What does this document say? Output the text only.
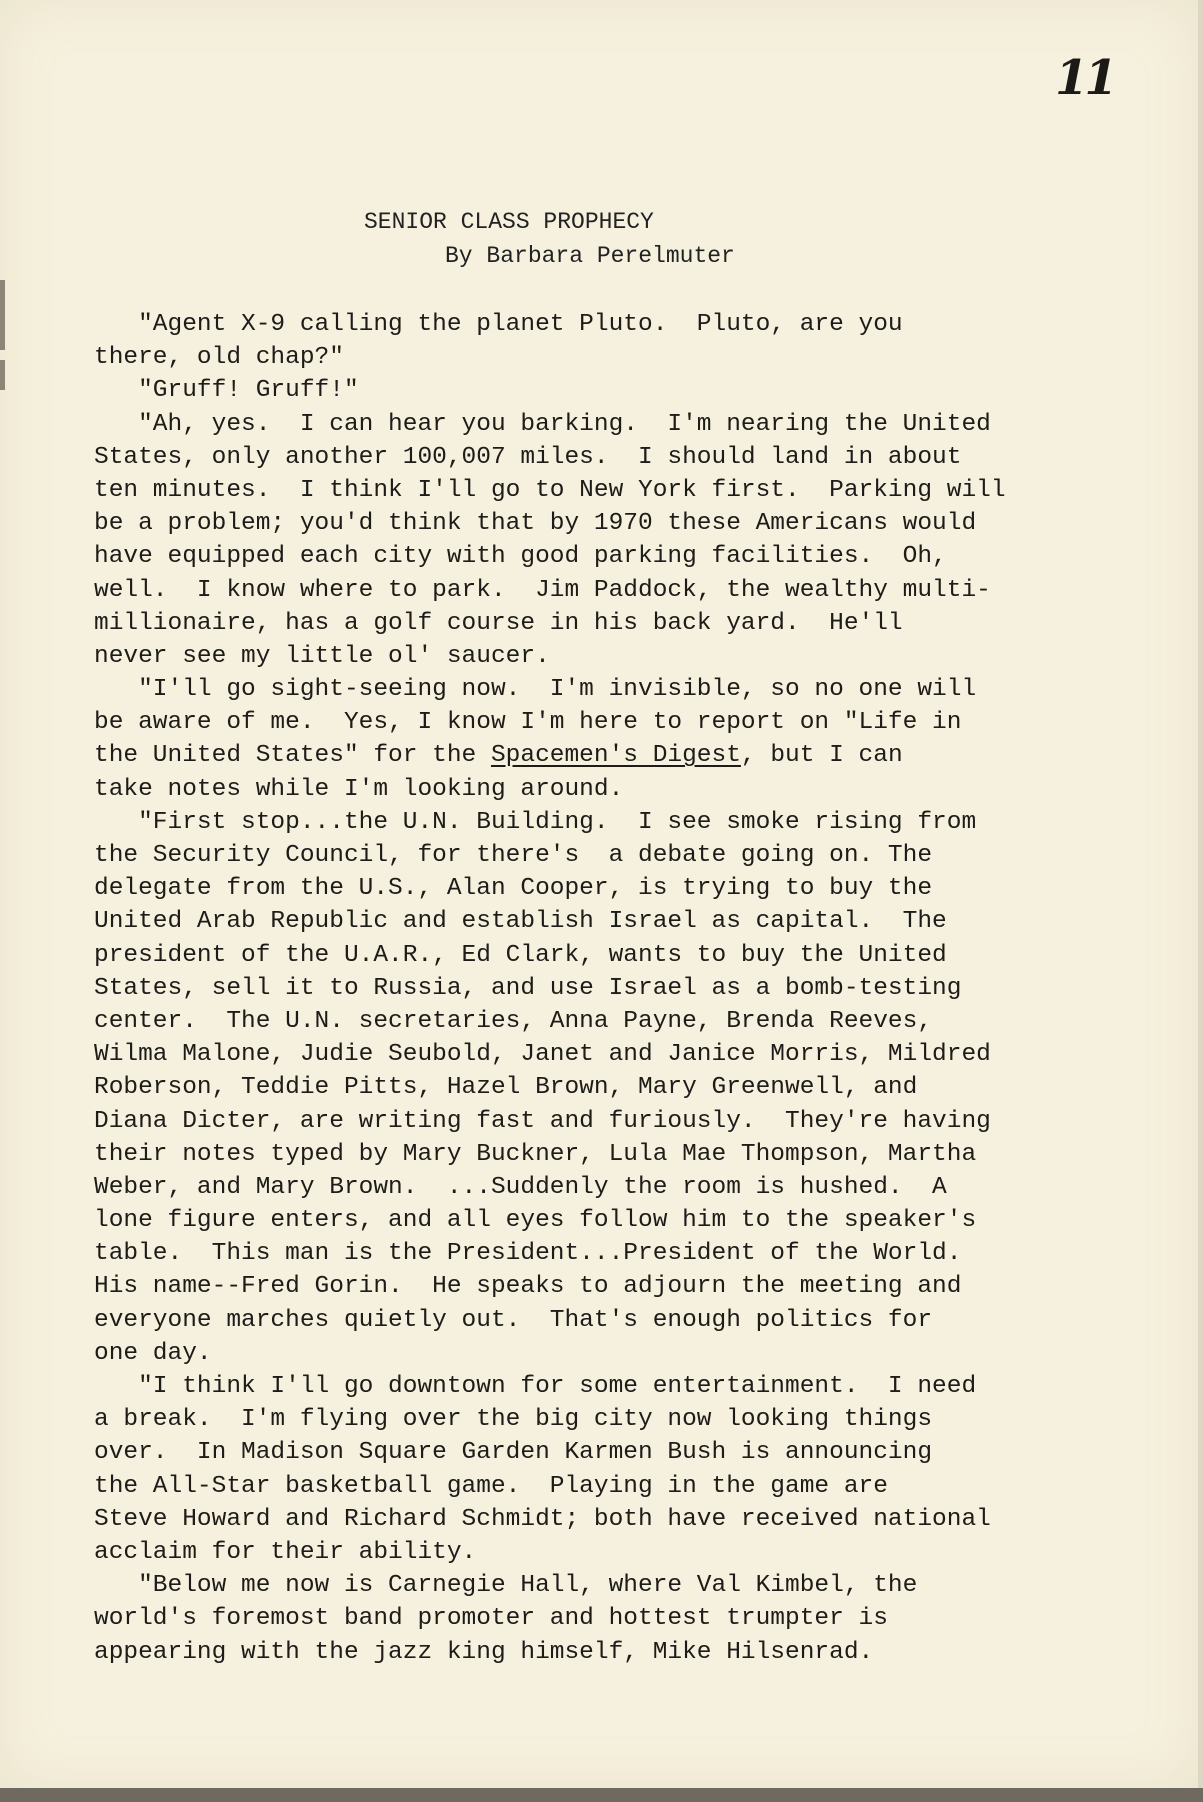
11
SENIOR CLASS PROPHECY
By Barbara Perelmuter
"Agent X-9 calling the planet Pluto.  Pluto, are you
there, old chap?"
"Gruff! Gruff!"
"Ah, yes.  I can hear you barking.  I'm nearing the United
States, only another 100,007 miles.  I should land in about
ten minutes.  I think I'll go to New York first.  Parking will
be a problem; you'd think that by 1970 these Americans would
have equipped each city with good parking facilities.  Oh,
well.  I know where to park.  Jim Paddock, the wealthy multi-
millionaire, has a golf course in his back yard.  He'll
never see my little ol' saucer.
"I'll go sight-seeing now.  I'm invisible, so no one will
be aware of me.  Yes, I know I'm here to report on "Life in
the United States" for the Spacemen's Digest, but I can
take notes while I'm looking around.
"First stop...the U.N. Building.  I see smoke rising from
the Security Council, for there's  a debate going on. The
delegate from the U.S., Alan Cooper, is trying to buy the
United Arab Republic and establish Israel as capital.  The
president of the U.A.R., Ed Clark, wants to buy the United
States, sell it to Russia, and use Israel as a bomb-testing
center.  The U.N. secretaries, Anna Payne, Brenda Reeves,
Wilma Malone, Judie Seubold, Janet and Janice Morris, Mildred
Roberson, Teddie Pitts, Hazel Brown, Mary Greenwell, and
Diana Dicter, are writing fast and furiously.  They're having
their notes typed by Mary Buckner, Lula Mae Thompson, Martha
Weber, and Mary Brown.  ...Suddenly the room is hushed.  A
lone figure enters, and all eyes follow him to the speaker's
table.  This man is the President...President of the World.
His name--Fred Gorin.  He speaks to adjourn the meeting and
everyone marches quietly out.  That's enough politics for
one day.
"I think I'll go downtown for some entertainment.  I need
a break.  I'm flying over the big city now looking things
over.  In Madison Square Garden Karmen Bush is announcing
the All-Star basketball game.  Playing in the game are
Steve Howard and Richard Schmidt; both have received national
acclaim for their ability.
"Below me now is Carnegie Hall, where Val Kimbel, the
world's foremost band promoter and hottest trumpter is
appearing with the jazz king himself, Mike Hilsenrad.
